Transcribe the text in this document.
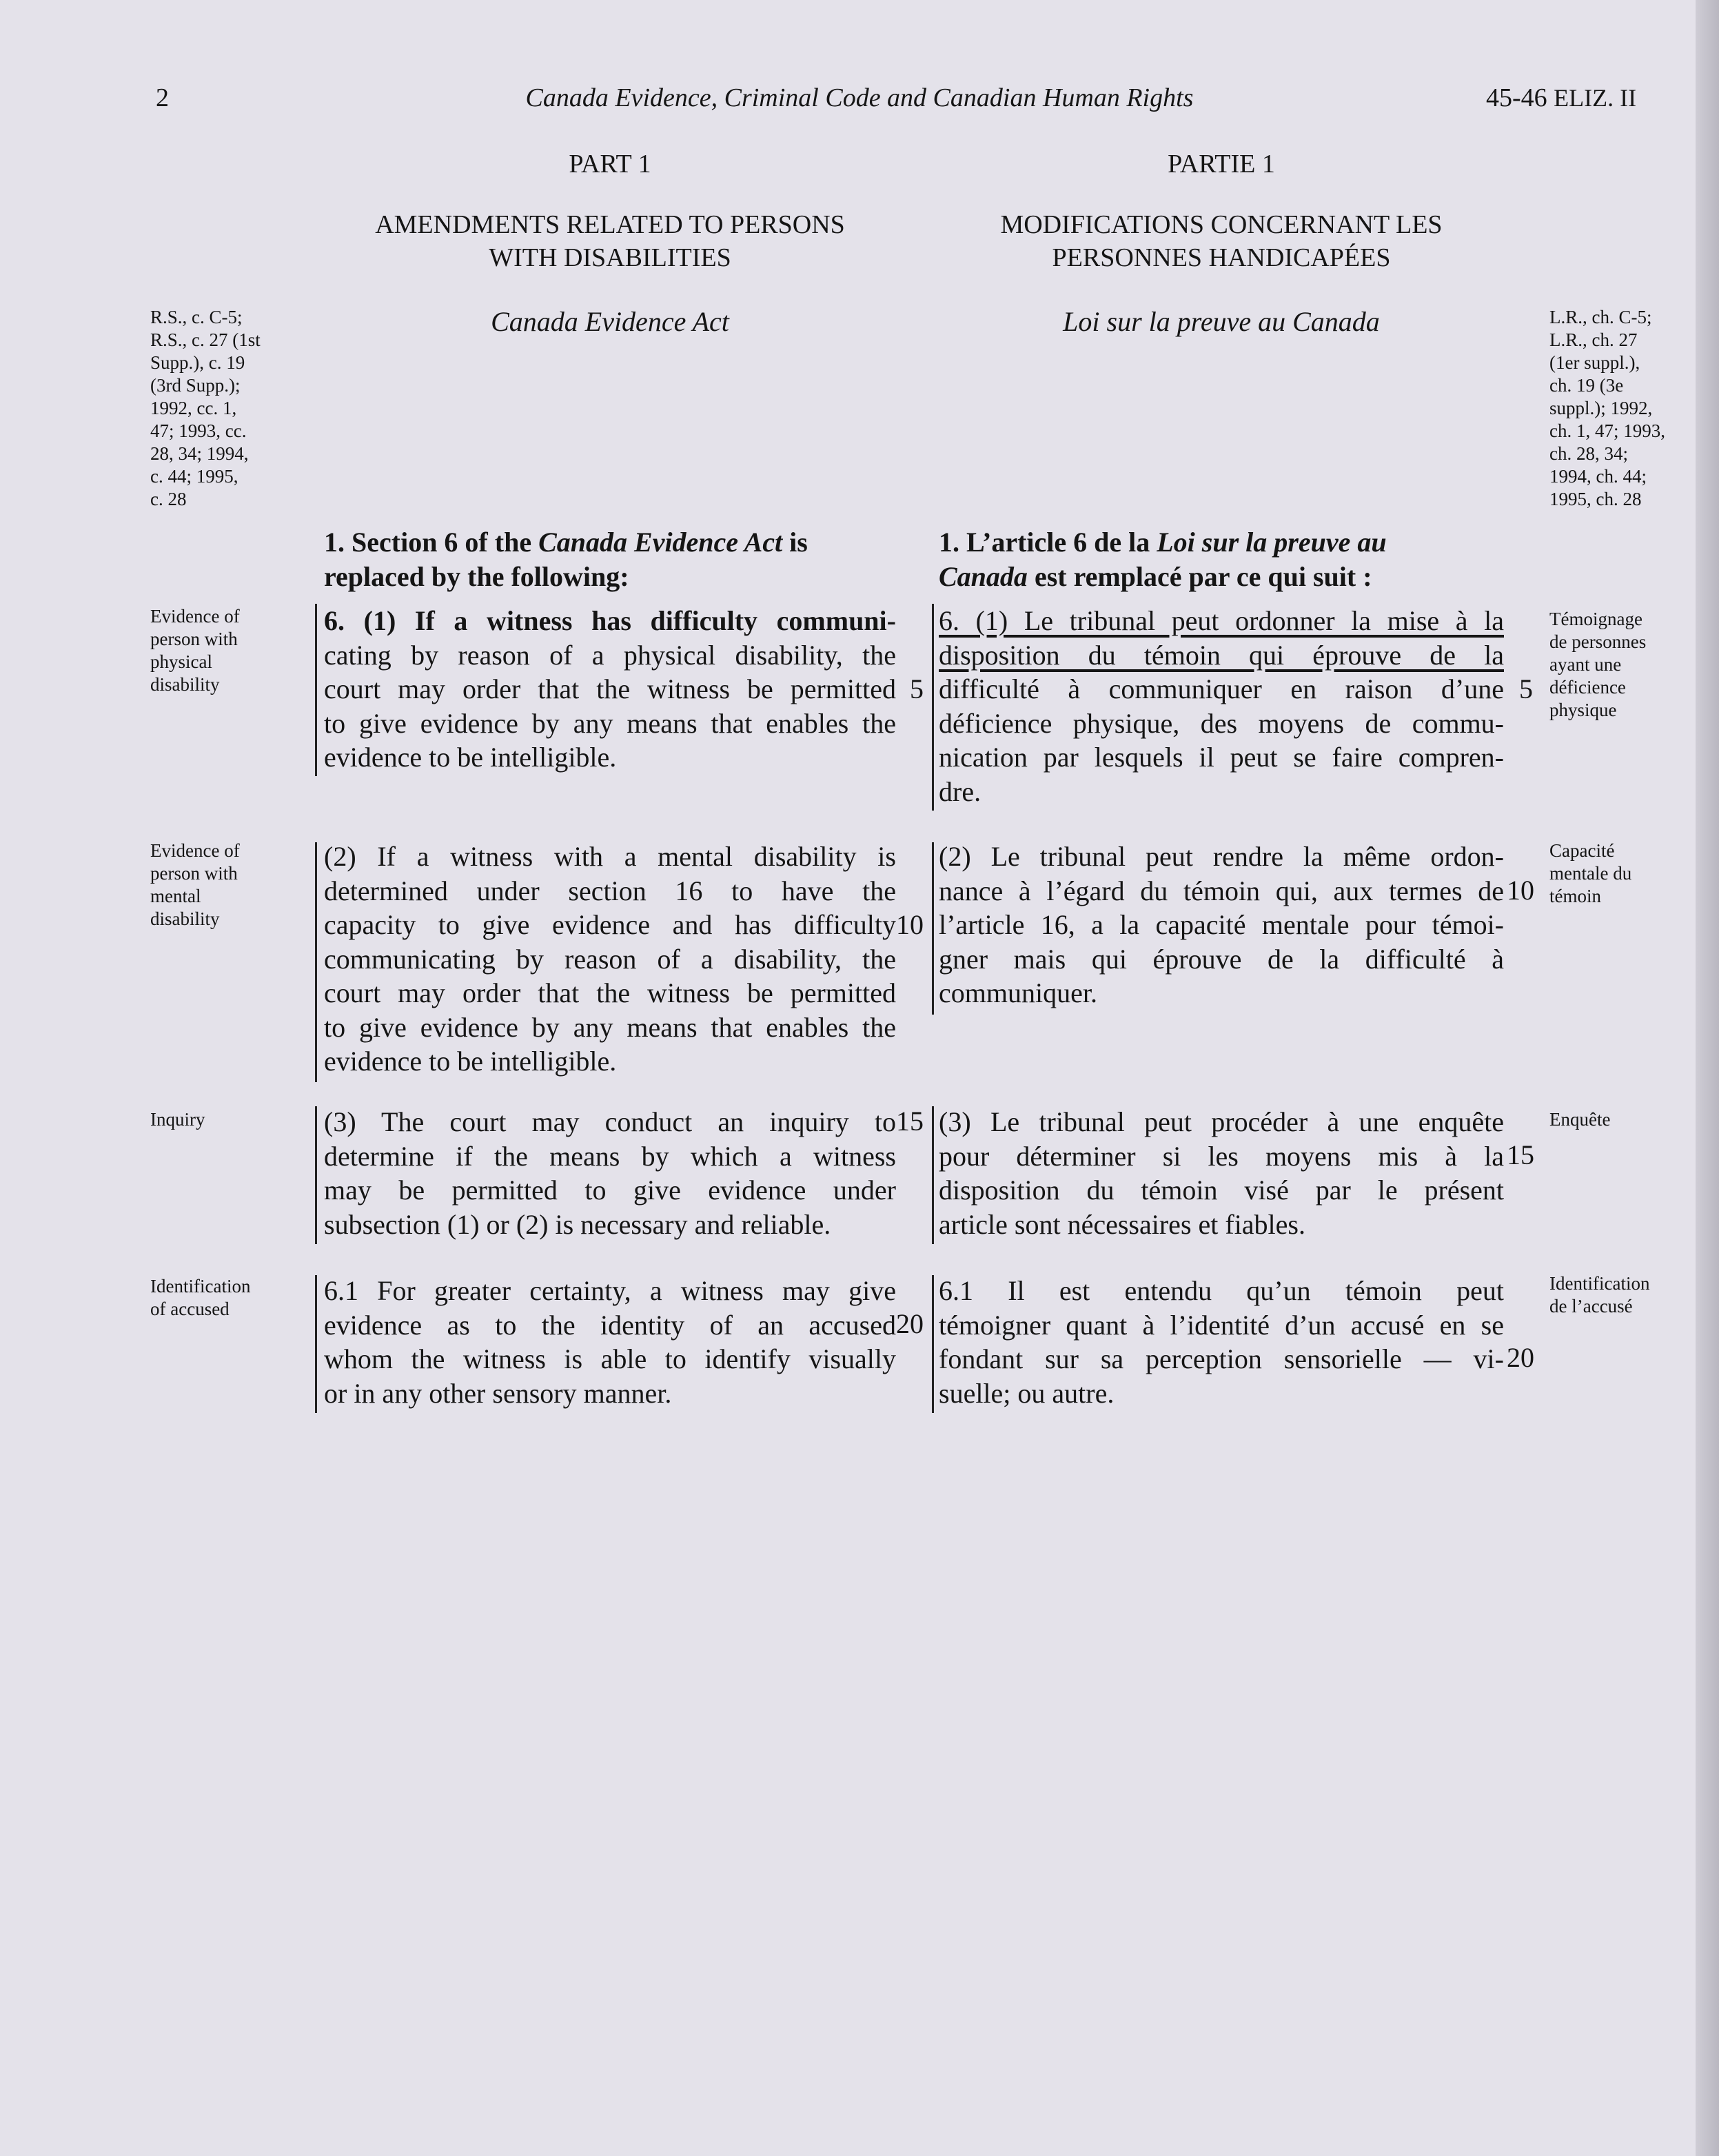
2	Canada Evidence, Criminal Code and Canadian Human Rights	45-46 ELIZ. II
PART 1	PARTIE 1
AMENDMENTS RELATED TO PERSONS
WITH DISABILITIES
MODIFICATIONS CONCERNANT LES
PERSONNES HANDICAPÉES
Canada Evidence Act	Loi sur la preuve au Canada
R.S., c. C-5;
R.S., c. 27 (1st
Supp.), c. 19
(3rd Supp.);
1992, cc. 1,
47; 1993, cc.
28, 34; 1994,
c. 44; 1995,
c. 28
L.R., ch. C-5;
L.R., ch. 27
(1er suppl.),
ch. 19 (3e
suppl.); 1992,
ch. 1, 47; 1993,
ch. 28, 34;
1994, ch. 44;
1995, ch. 28
1. Section 6 of the Canada Evidence Act is
replaced by the following:
1. L’article 6 de la Loi sur la preuve au
Canada est remplacé par ce qui suit :
Evidence of
person with
physical
disability
Témoignage
de personnes
ayant une
déficience
physique
6. (1) If a witness has difficulty communi-
cating by reason of a physical disability, the
court may order that the witness be permitted
to give evidence by any means that enables the
evidence to be intelligible.
6. (1) Le tribunal peut ordonner la mise à la
disposition du témoin qui éprouve de la
difficulté à communiquer en raison d’une
déficience physique, des moyens de commu-
nication par lesquels il peut se faire compren-
dre.
5	5
Evidence of
person with
mental
disability
Capacité
mentale du
témoin
(2) If a witness with a mental disability is
determined under section 16 to have the
capacity to give evidence and has difficulty
communicating by reason of a disability, the
court may order that the witness be permitted
to give evidence by any means that enables the
evidence to be intelligible.
(2) Le tribunal peut rendre la même ordon-
nance à l’égard du témoin qui, aux termes de
l’article 16, a la capacité mentale pour témoi-
gner mais qui éprouve de la difficulté à
communiquer.
10
10
Inquiry	Enquête
(3) The court may conduct an inquiry to
determine if the means by which a witness
may be permitted to give evidence under
subsection (1) or (2) is necessary and reliable.
(3) Le tribunal peut procéder à une enquête
pour déterminer si les moyens mis à la
disposition du témoin visé par le présent
article sont nécessaires et fiables.
15
15
Identification
of accused
Identification
de l’accusé
6.1 For greater certainty, a witness may give
evidence as to the identity of an accused
whom the witness is able to identify visually
or in any other sensory manner.
6.1 Il est entendu qu’un témoin peut
témoigner quant à l’identité d’un accusé en se
fondant sur sa perception sensorielle — vi-
suelle; ou autre.
20
20
